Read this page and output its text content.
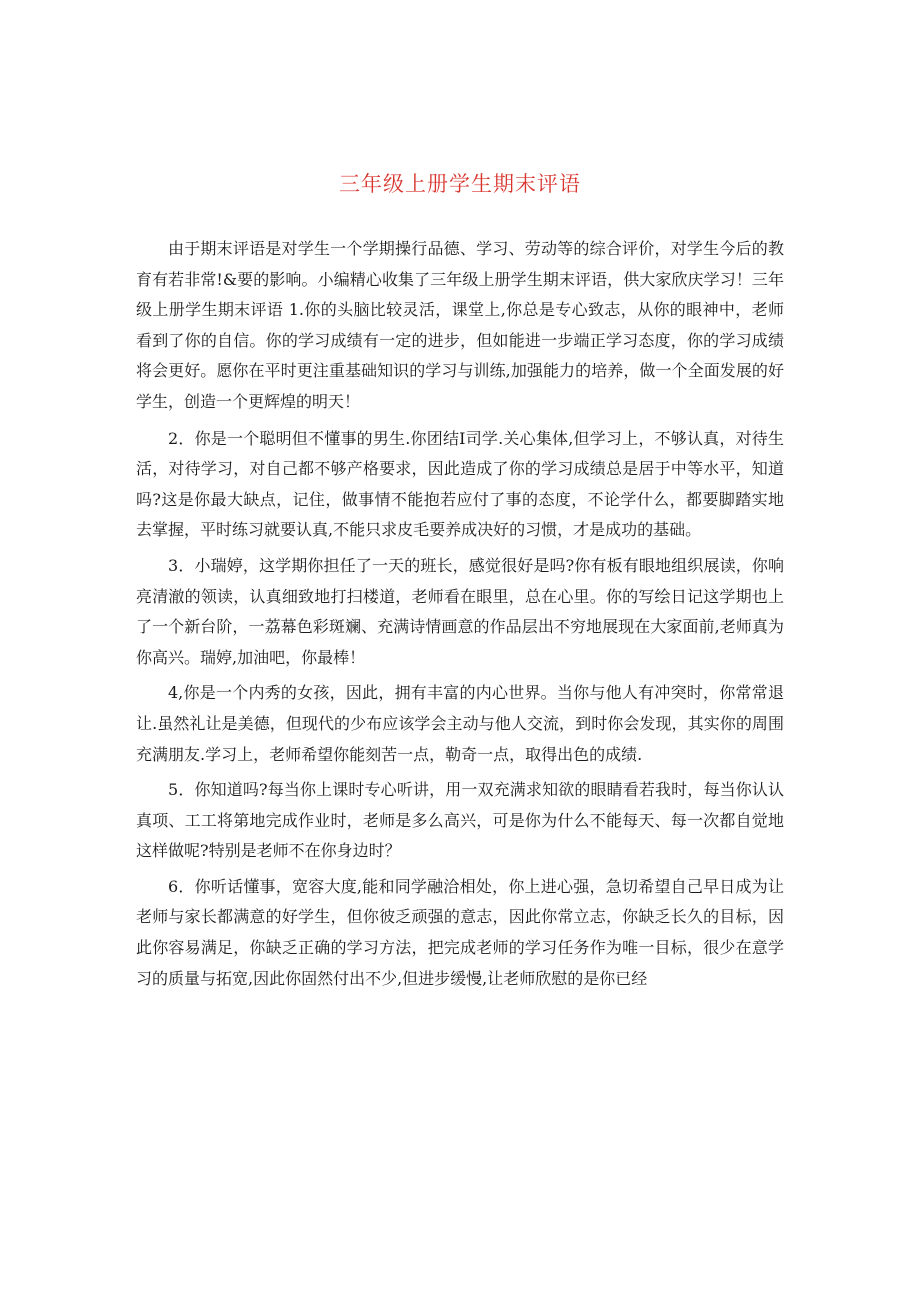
三年级上册学生期末评语

由于期末评语是对学生一个学期操行品德、学习、劳动等的综合评价，对学生今后的教育有若非常!&要的影响。小编精心收集了三年级上册学生期末评语，供大家欣庆学习！三年级上册学生期末评语 1.你的头脑比较灵活，课堂上,你总是专心致志，从你的眼神中，老师看到了你的自信。你的学习成绩有一定的进步，但如能进一步端正学习态度，你的学习成绩将会更好。愿你在平时更注重基础知识的学习与训练,加强能力的培养，做一个全面发展的好学生，创造一个更辉煌的明天！

2．你是一个聪明但不懂事的男生.你团结I司学.关心集体,但学习上，不够认真，对待生活，对待学习，对自己都不够产格要求，因此造成了你的学习成绩总是居于中等水平，知道吗?这是你最大缺点，记住，做事情不能抱若应付了事的态度，不论学什么，都要脚踏实地去掌握，平时练习就要认真,不能只求皮毛要养成决好的习惯，才是成功的基础。

3．小瑞婷，这学期你担任了一天的班长，感觉很好是吗?你有板有眼地组织展读，你响亮清澈的领读，认真细致地打扫楼道，老师看在眼里，总在心里。你的写绘日记这学期也上了一个新台阶，一荔幕色彩斑斓、充满诗情画意的作品层出不穷地展现在大家面前,老师真为你高兴。瑞婷,加油吧，你最棒！

4,你是一个内秀的女孩，因此，拥有丰富的内心世界。当你与他人有冲突时，你常常退让.虽然礼让是美德，但现代的少布应该学会主动与他人交流，到时你会发现，其实你的周围充满朋友.学习上，老师希望你能刻苦一点，勒奇一点，取得出色的成绩.

5．你知道吗?每当你上课时专心听讲，用一双充满求知欲的眼睛看若我时，每当你认认真项、工工将第地完成作业时，老师是多么高兴，可是你为什么不能每天、每一次都自觉地这样做呢?特别是老师不在你身边时？

6．你听话懂事，宽容大度,能和同学融洽相处，你上进心强，急切希望自己早日成为让老师与家长都满意的好学生，但你彼乏顽强的意志，因此你常立志，你缺乏长久的目标，因此你容易满足，你缺乏正确的学习方法，把完成老师的学习任务作为唯一目标，很少在意学习的质量与拓宽,因此你固然付出不少,但进步缓慢,让老师欣慰的是你已经
